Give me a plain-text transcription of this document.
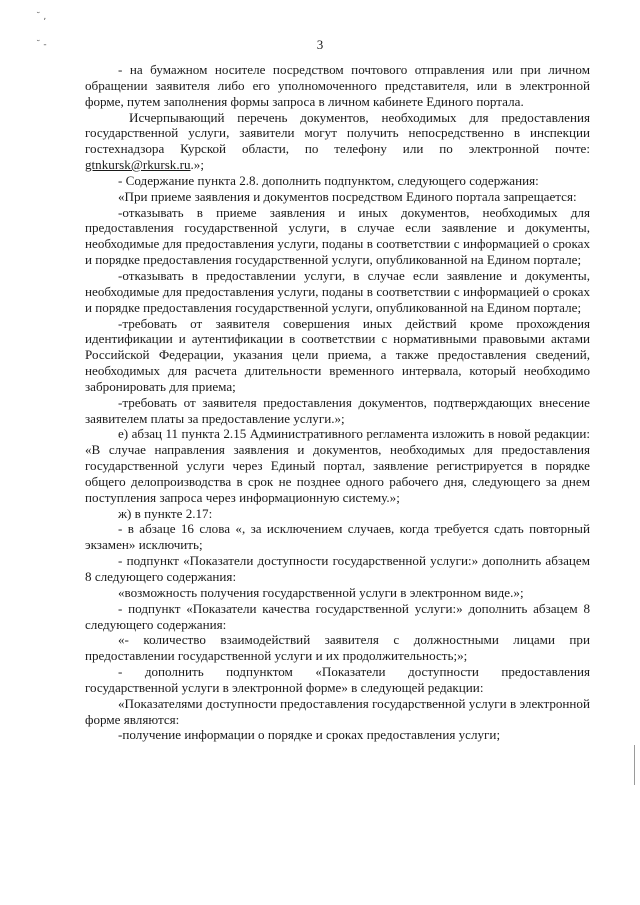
˘ ,
˘ -	3

- на бумажном носителе посредством почтового отправления или при личном обращении заявителя либо его уполномоченного представителя, или в электронной форме, путем заполнения формы запроса в личном кабинете Единого портала.

Исчерпывающий перечень документов, необходимых для предоставления государственной услуги, заявители могут получить непосредственно в инспекции гостехнадзора Курской области, по телефону или по электронной почте: gtnkursk@rkursk.ru.»;

- Содержание пункта 2.8. дополнить подпунктом, следующего содержания:

«При приеме заявления и документов посредством Единого портала запрещается:

-отказывать в приеме заявления и иных документов, необходимых для предоставления государственной услуги, в случае если заявление и документы, необходимые для предоставления услуги, поданы в соответствии с информацией о сроках и порядке предоставления государственной услуги, опубликованной на Едином портале;

-отказывать в предоставлении услуги, в случае если заявление и документы, необходимые для предоставления услуги, поданы в соответствии с информацией о сроках и порядке предоставления государственной услуги, опубликованной на Едином портале;

-требовать от заявителя совершения иных действий кроме прохождения идентификации и аутентификации в соответствии с нормативными правовыми актами Российской Федерации, указания цели приема, а также предоставления сведений, необходимых для расчета длительности временного интервала, который необходимо забронировать для приема;

-требовать от заявителя предоставления документов, подтверждающих внесение заявителем платы за предоставление услуги.»;

е) абзац 11 пункта 2.15 Административного регламента изложить в новой редакции: «В случае направления заявления и документов, необходимых для предоставления государственной услуги через Единый портал, заявление регистрируется в порядке общего делопроизводства в срок не позднее одного рабочего дня, следующего за днем поступления запроса через информационную систему.»;

ж) в пункте 2.17:

- в абзаце 16 слова «, за исключением случаев, когда требуется сдать повторный экзамен» исключить;

- подпункт «Показатели доступности государственной услуги:» дополнить абзацем 8 следующего содержания:

«возможность получения государственной услуги в электронном виде.»;

- подпункт «Показатели качества государственной услуги:» дополнить абзацем 8 следующего содержания:

«- количество взаимодействий заявителя с должностными лицами при предоставлении государственной услуги и их продолжительность;»;

- дополнить подпунктом «Показатели доступности предоставления государственной услуги в электронной форме» в следующей редакции:

«Показателями доступности предоставления государственной услуги в электронной форме являются:

-получение информации о порядке и сроках предоставления услуги;
